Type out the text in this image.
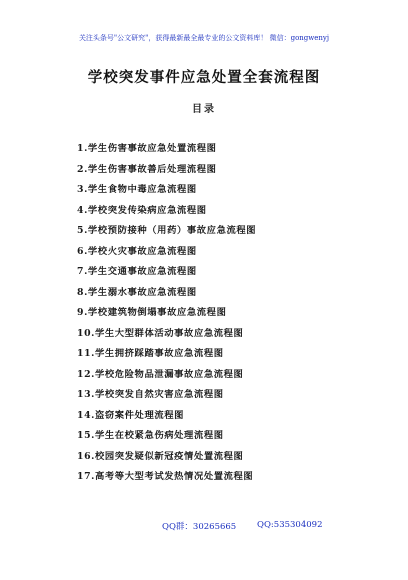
关注头条号"公文研究"，获得最新最全最专业的公文资料库！ 微信：gongwenyj
学校突发事件应急处置全套流程图
目录
1.学生伤害事故应急处置流程图
2.学生伤害事故善后处理流程图
3.学生食物中毒应急流程图
4.学校突发传染病应急流程图
5.学校预防接种（用药）事故应急流程图
6.学校火灾事故应急流程图
7.学生交通事故应急流程图
8.学生溺水事故应急流程图
9.学校建筑物倒塌事故应急流程图
10.学生大型群体活动事故应急流程图
11.学生拥挤踩踏事故应急流程图
12.学校危险物品泄漏事故应急流程图
13.学校突发自然灾害应急流程图
14.盗窃案件处理流程图
15.学生在校紧急伤病处理流程图
16.校园突发疑似新冠疫情处置流程图
17.高考等大型考试发热情况处置流程图
QQ群：30265665 QQ:535304092
